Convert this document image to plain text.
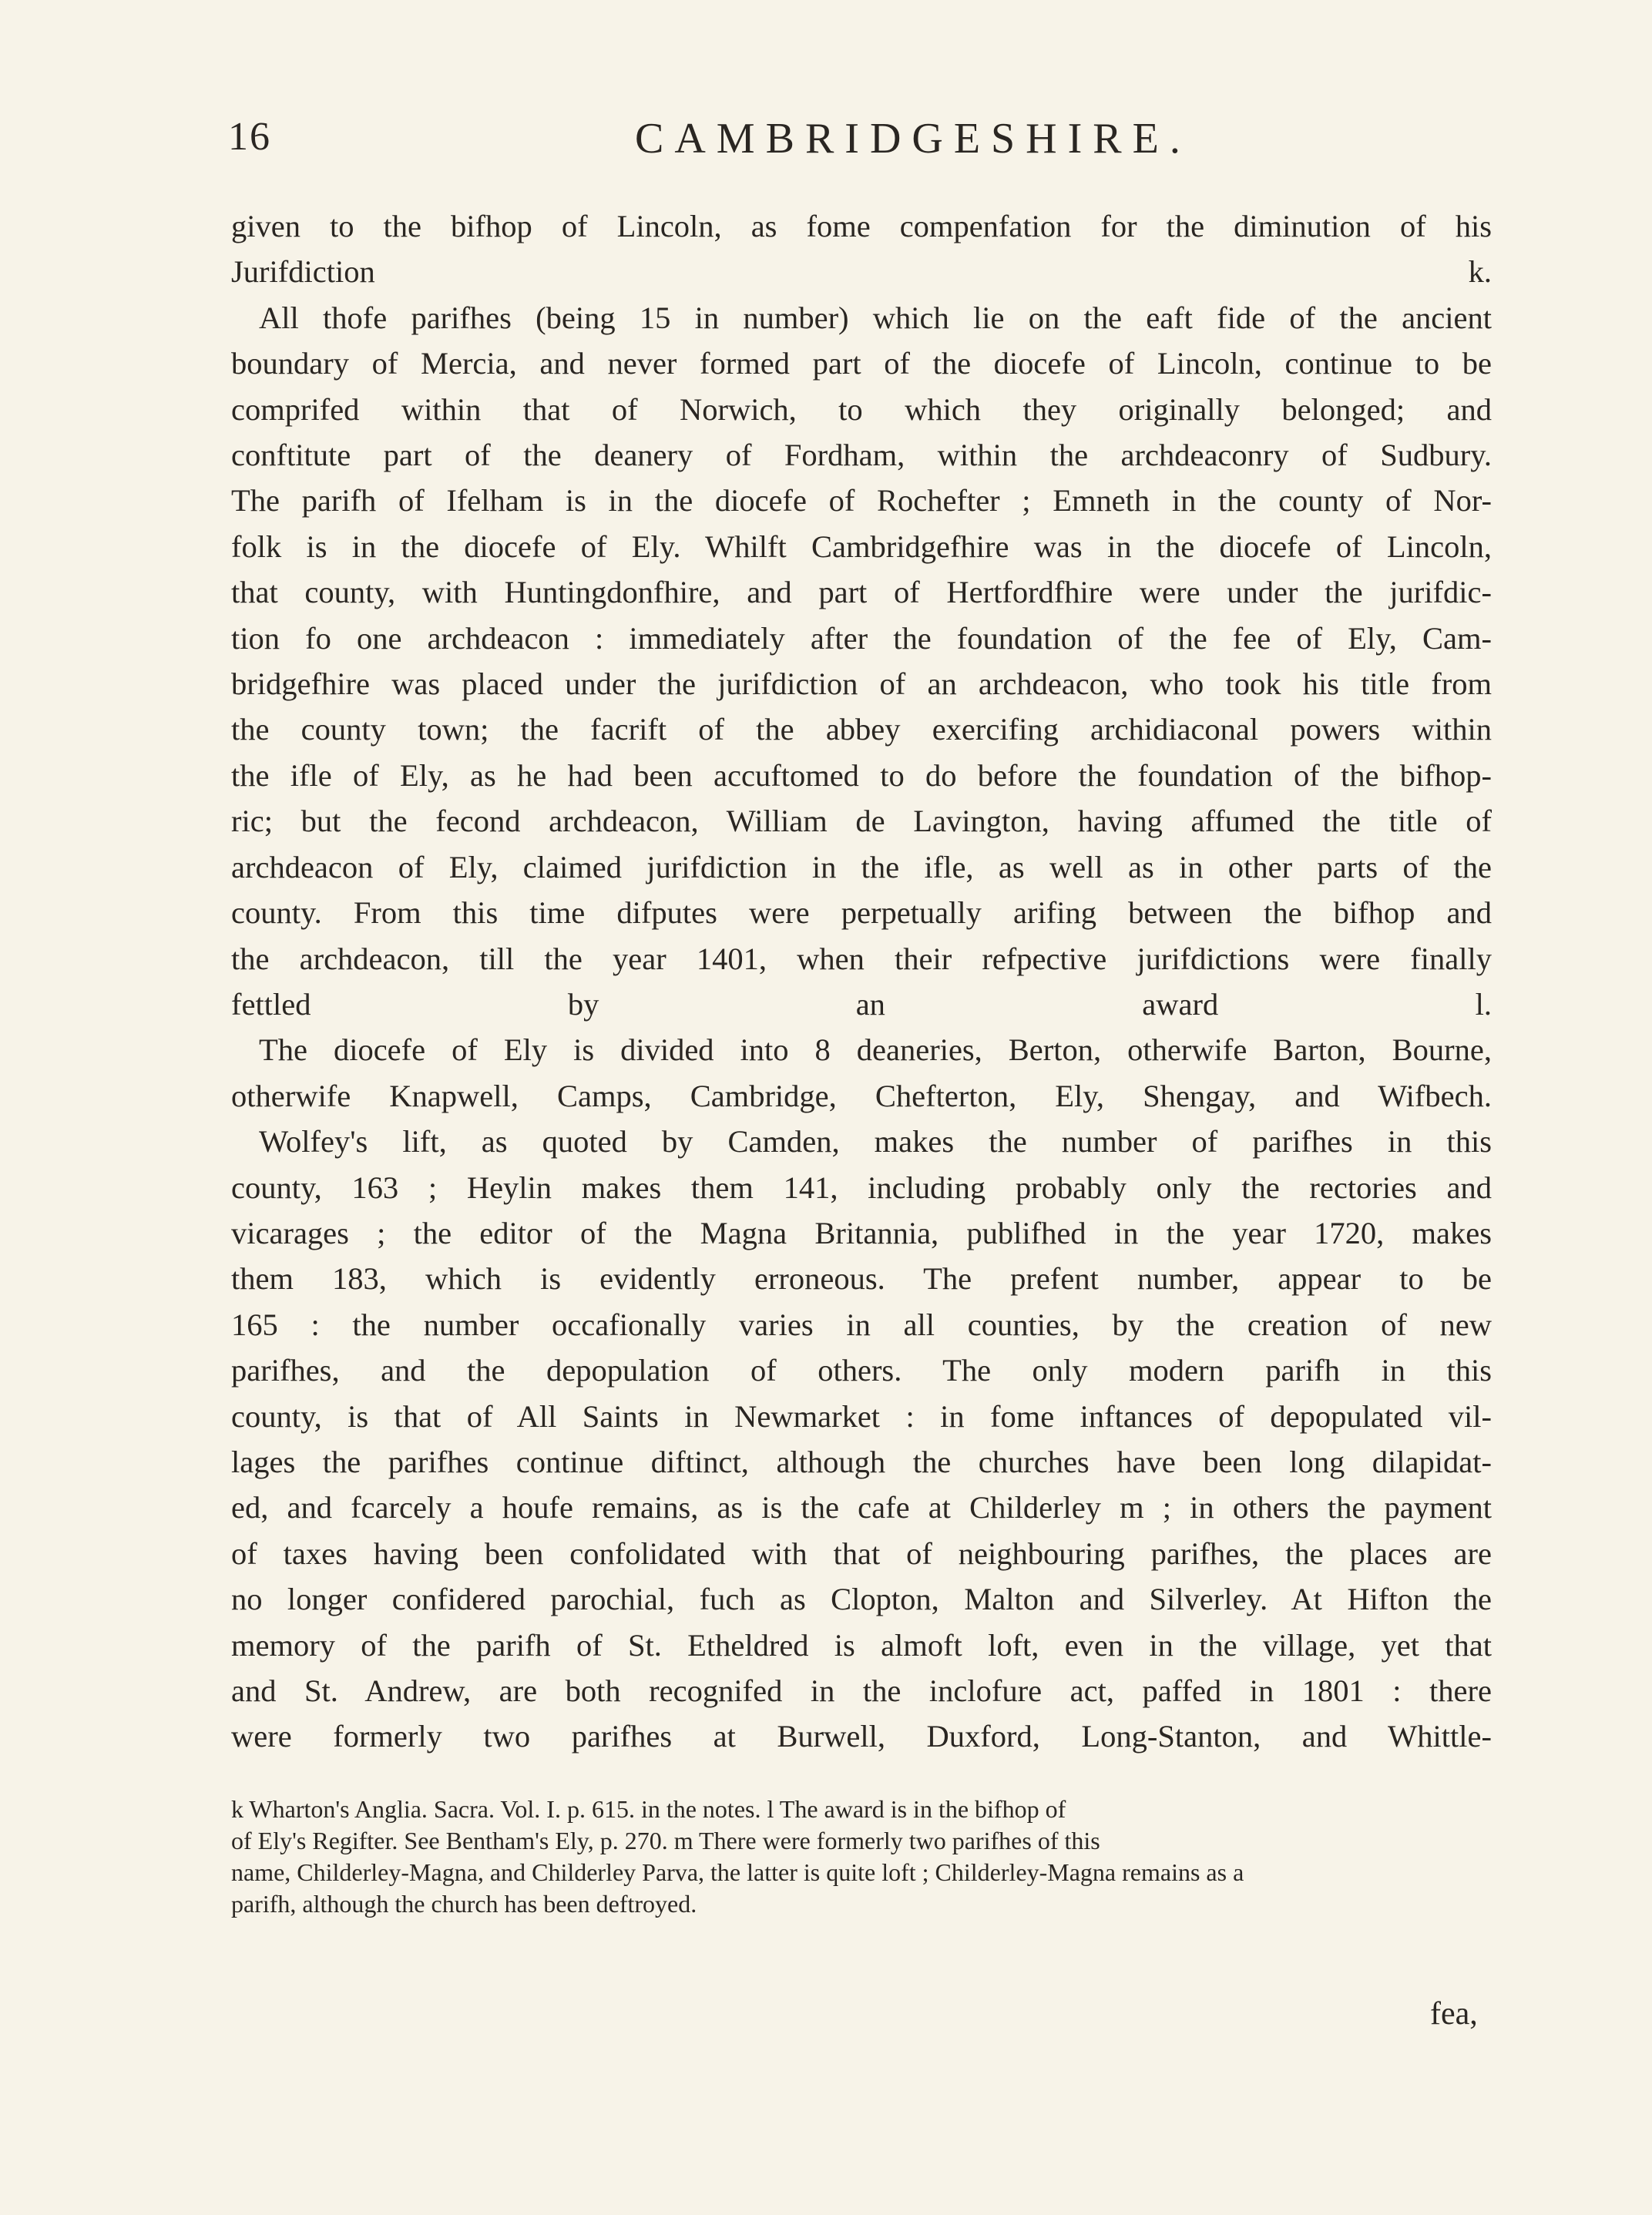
16	CAMBRIDGESHIRE.

given to the bifhop of Lincoln, as fome compenfation for the diminution of his
Jurifdiction k.

All thofe parifhes (being 15 in number) which lie on the eaft fide of the ancient

boundary of Mercia, and never formed part of the diocefe of Lincoln, continue to be
comprifed within that of Norwich, to which they originally belonged; and
conftitute part of the deanery of Fordham, within the archdeaconry of Sudbury.
The parifh of Ifelham is in the diocefe of Rochefter ; Emneth in the county of Nor-
folk is in the diocefe of Ely. Whilft Cambridgefhire was in the diocefe of Lincoln,
that county, with Huntingdonfhire, and part of Hertfordfhire were under the jurifdic-
tion fo one archdeacon : immediately after the foundation of the fee of Ely, Cam-
bridgefhire was placed under the jurifdiction of an archdeacon, who took his title from
the county town; the facrift of the abbey exercifing archidiaconal powers within
the ifle of Ely, as he had been accuftomed to do before the foundation of the bifhop-
ric; but the fecond archdeacon, William de Lavington, having affumed the title of
archdeacon of Ely, claimed jurifdiction in the ifle, as well as in other parts of the
county. From this time difputes were perpetually arifing between the bifhop and
the archdeacon, till the year 1401, when their refpective jurifdictions were finally
fettled by an award l.

The diocefe of Ely is divided into 8 deaneries, Berton, otherwife Barton, Bourne,

otherwife Knapwell, Camps, Cambridge, Chefterton, Ely, Shengay, and Wifbech.

Wolfey's lift, as quoted by Camden, makes the number of parifhes in this

county, 163 ; Heylin makes them 141, including probably only the rectories and
vicarages ; the editor of the Magna Britannia, publifhed in the year 1720, makes
them 183, which is evidently erroneous. The prefent number, appear to be
165 : the number occafionally varies in all counties, by the creation of new
parifhes, and the depopulation of others. The only modern parifh in this
county, is that of All Saints in Newmarket : in fome inftances of depopulated vil-
lages the parifhes continue diftinct, although the churches have been long dilapidat-
ed, and fcarcely a houfe remains, as is the cafe at Childerley m ; in others the payment
of taxes having been confolidated with that of neighbouring parifhes, the places are
no longer confidered parochial, fuch as Clopton, Malton and Silverley. At Hifton the
memory of the parifh of St. Etheldred is almoft loft, even in the village, yet that
and St. Andrew, are both recognifed in the inclofure act, paffed in 1801 : there
were formerly two parifhes at Burwell, Duxford, Long-Stanton, and Whittle-

k Wharton's Anglia. Sacra. Vol. I. p. 615. in the notes. l The award is in the bifhop of
of Ely's Regifter. See Bentham's Ely, p. 270. m There were formerly two parifhes of this
name, Childerley-Magna, and Childerley Parva, the latter is quite loft ; Childerley-Magna remains as a
parifh, although the church has been deftroyed.
fea,
